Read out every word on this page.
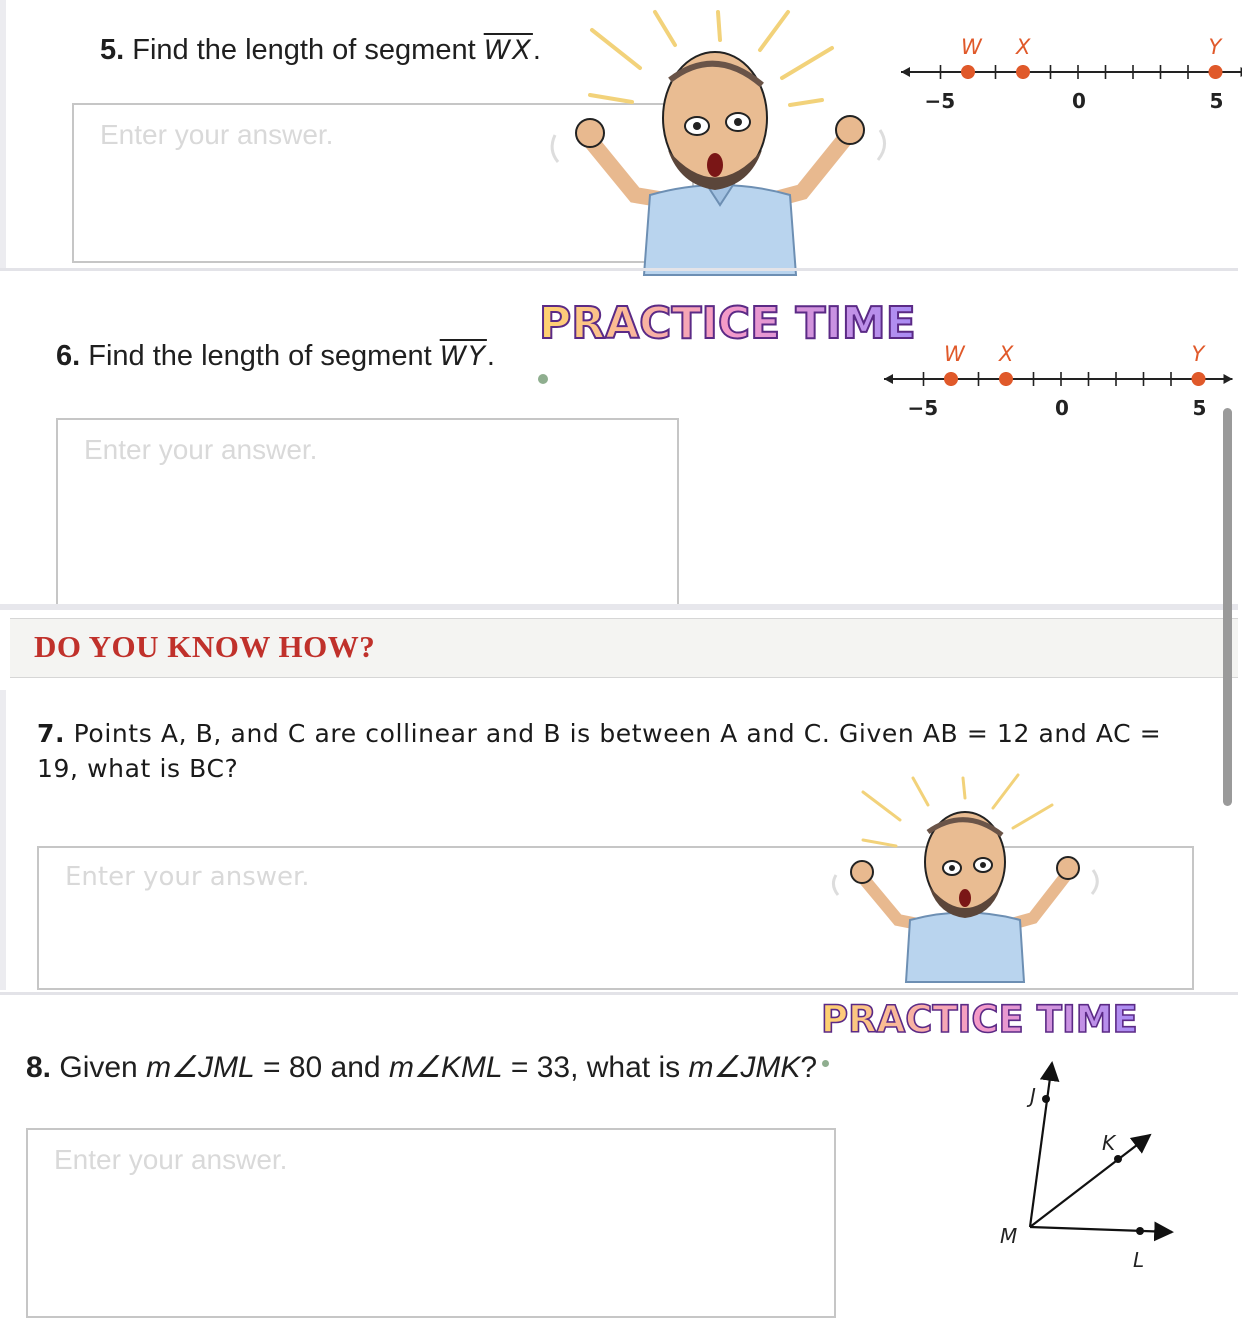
5. Find the length of segment $\overline{WX}$.
Enter your answer.
−5	0	5
W X	Y
6. Find the length of segment $\overline{WY}$.
PRACTICE TIME
−5	0	5
W X	Y
Enter your answer.
DO YOU KNOW HOW?
7. Points A, B, and C are collinear and B is between A and C. Given AB = 12 and AC = 19, what is BC?
Enter your answer.
PRACTICE TIME
8. Given m∠JML = 80 and m∠KML = 33, what is m∠JMK?
Enter your answer.
J
K
L
M
